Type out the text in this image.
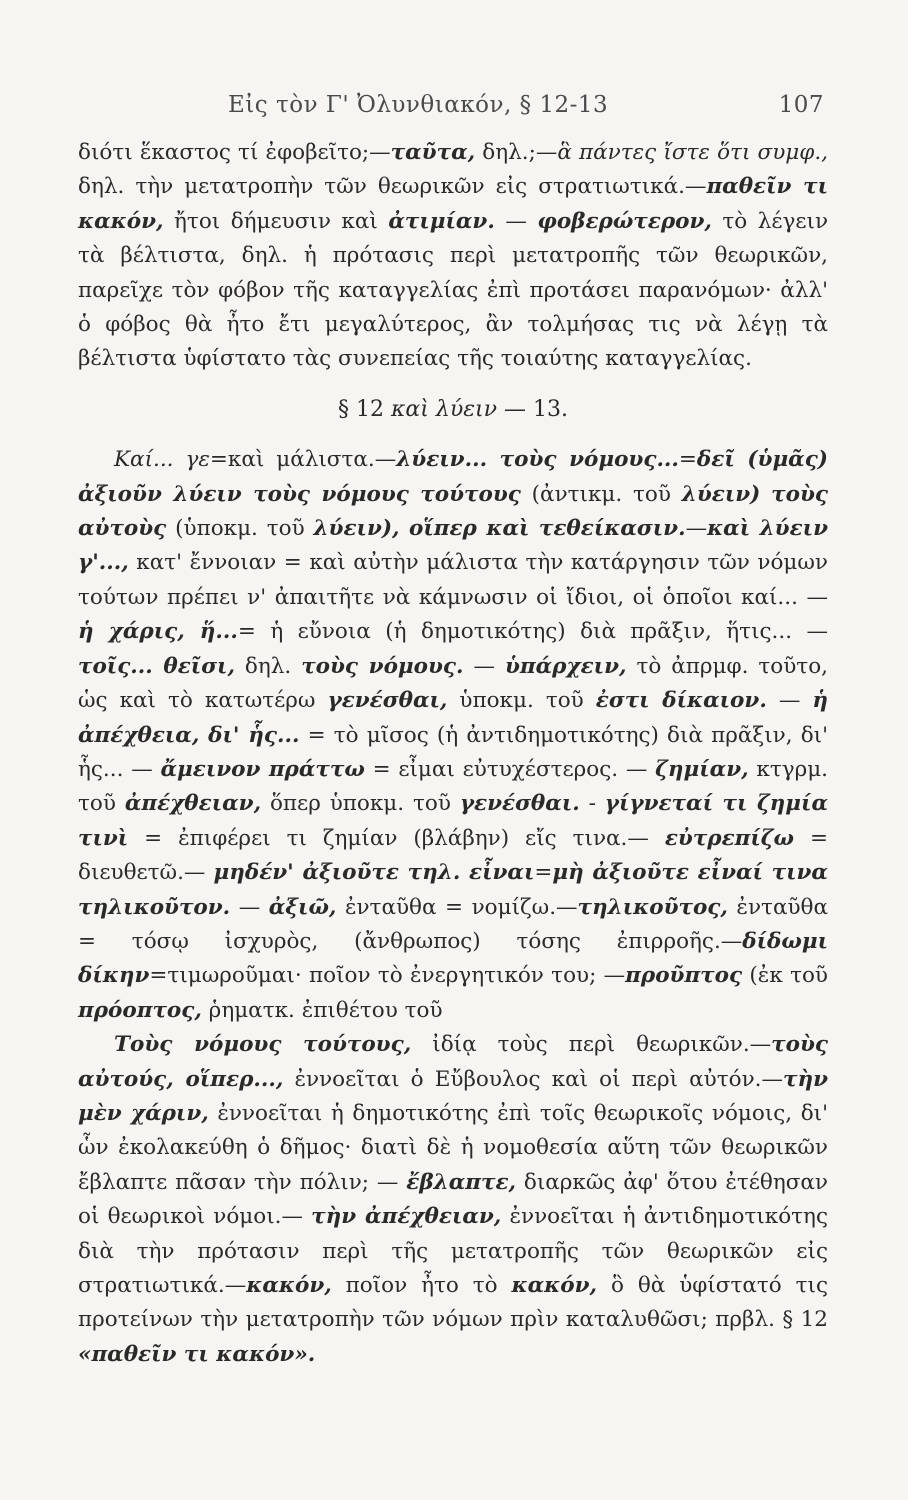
Εἰς τὸν Γ' Ὀλυνθιακόν, § 12-13	107

διότι ἕκαστος τί ἐφοβεῖτο;—ταῦτα, δηλ.;—ἃ πάντες ἴστε ὅτι συμφ., δηλ. τὴν μετατροπὴν τῶν θεωρικῶν εἰς στρατιωτικά.—παθεῖν τι κακόν, ἤτοι δήμευσιν καὶ ἀτιμίαν. — φοβερώτερον, τὸ λέγειν τὰ βέλτιστα, δηλ. ἡ πρότασις περὶ μετατροπῆς τῶν θεωρικῶν, παρεῖχε τὸν φόβον τῆς καταγγελίας ἐπὶ προτάσει παρανόμων· ἀλλ' ὁ φόβος θὰ ἦτο ἔτι μεγαλύτερος, ἂν τολμήσας τις νὰ λέγῃ τὰ βέλτιστα ὑφίστατο τὰς συνεπείας τῆς τοιαύτης καταγγελίας.

§ 12 καὶ λύειν — 13.

Καί... γε=καὶ μάλιστα.—λύειν... τοὺς νόμους...=δεῖ (ὑμᾶς) ἀξιοῦν λύειν τοὺς νόμους τούτους (ἀντικμ. τοῦ λύειν) τοὺς αὐτοὺς (ὑποκμ. τοῦ λύειν), οἵπερ καὶ τεθείκασιν.—καὶ λύειν γ'..., κατ' ἔννοιαν = καὶ αὐτὴν μάλιστα τὴν κατάργησιν τῶν νόμων τούτων πρέπει ν' ἀπαιτῆτε νὰ κάμνωσιν οἱ ἴδιοι, οἱ ὁποῖοι καί... — ἡ χάρις, ἥ...= ἡ εὔνοια (ἡ δημοτικότης) διὰ πρᾶξιν, ἥτις... — τοῖς... θεῖσι, δηλ. τοὺς νόμους. — ὑπάρχειν, τὸ ἀπρμφ. τοῦτο, ὡς καὶ τὸ κατωτέρω γενέσθαι, ὑποκμ. τοῦ ἐστι δίκαιον. — ἡ ἀπέχθεια, δι' ἧς... = τὸ μῖσος (ἡ ἀντιδημοτικότης) διὰ πρᾶξιν, δι' ἧς... — ἄμεινον πράττω = εἶμαι εὐτυχέστερος. — ζημίαν, κτγρμ. τοῦ ἀπέχθειαν, ὅπερ ὑποκμ. τοῦ γενέσθαι. - γίγνεταί τι ζημία τινὶ = ἐπιφέρει τι ζημίαν (βλάβην) εἴς τινα.— εὐτρεπίζω = διευθετῶ.— μηδέν' ἀξιοῦτε τηλ. εἶναι=μὴ ἀξιοῦτε εἶναί τινα τηλικοῦτον. — ἀξιῶ, ἐνταῦθα = νομίζω.—τηλικοῦτος, ἐνταῦθα = τόσῳ ἰσχυρὸς, (ἄνθρωπος) τόσης ἐπιρροῆς.—δίδωμι δίκην=τιμωροῦμαι· ποῖον τὸ ἐνεργητικόν του; —προῦπτος (ἐκ τοῦ πρόοπτος, ῥηματκ. ἐπιθέτου τοῦ

Τοὺς νόμους τούτους, ἰδίᾳ τοὺς περὶ θεωρικῶν.—τοὺς αὐτούς, οἵπερ..., ἐννοεῖται ὁ Εὔβουλος καὶ οἱ περὶ αὐτόν.—τὴν μὲν χάριν, ἐννοεῖται ἡ δημοτικότης ἐπὶ τοῖς θεωρικοῖς νόμοις, δι' ὧν ἐκολακεύθη ὁ δῆμος· διατὶ δὲ ἡ νομοθεσία αὕτη τῶν θεωρικῶν ἔβλαπτε πᾶσαν τὴν πόλιν; — ἔβλαπτε, διαρκῶς ἀφ' ὅτου ἐτέθησαν οἱ θεωρικοὶ νόμοι.— τὴν ἀπέχθειαν, ἐννοεῖται ἡ ἀντιδημοτικότης διὰ τὴν πρότασιν περὶ τῆς μετατροπῆς τῶν θεωρικῶν εἰς στρατιωτικά.—κακόν, ποῖον ἦτο τὸ κακόν, ὃ θὰ ὑφίστατό τις προτείνων τὴν μετατροπὴν τῶν νόμων πρὶν καταλυθῶσι; πρβλ. § 12 «παθεῖν τι κακόν».
